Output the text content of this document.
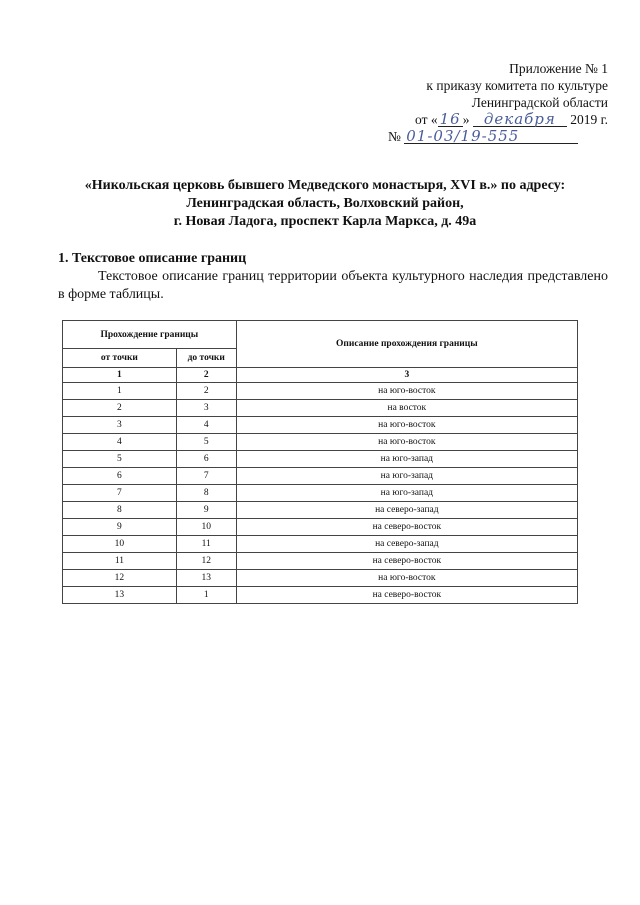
Приложение № 1
к приказу комитета по культуре
Ленинградской области
от « 16 » декабря 2019 г.
№ 01-03/19-555
«Никольская церковь бывшего Медведского монастыря, XVI в.» по адресу:
Ленинградская область, Волховский район,
г. Новая Ладога, проспект Карла Маркса, д. 49а
1. Текстовое описание границ
Текстовое описание границ территории объекта культурного наследия представлено в форме таблицы.
Прохождение границы		Описание прохождения границы
от точки	до точки	
1	2	3
1	2	на юго-восток
2	3	на восток
3	4	на юго-восток
4	5	на юго-восток
5	6	на юго-запад
6	7	на юго-запад
7	8	на юго-запад
8	9	на северо-запад
9	10	на северо-восток
10	11	на северо-запад
11	12	на северо-восток
12	13	на юго-восток
13	1	на северо-восток
